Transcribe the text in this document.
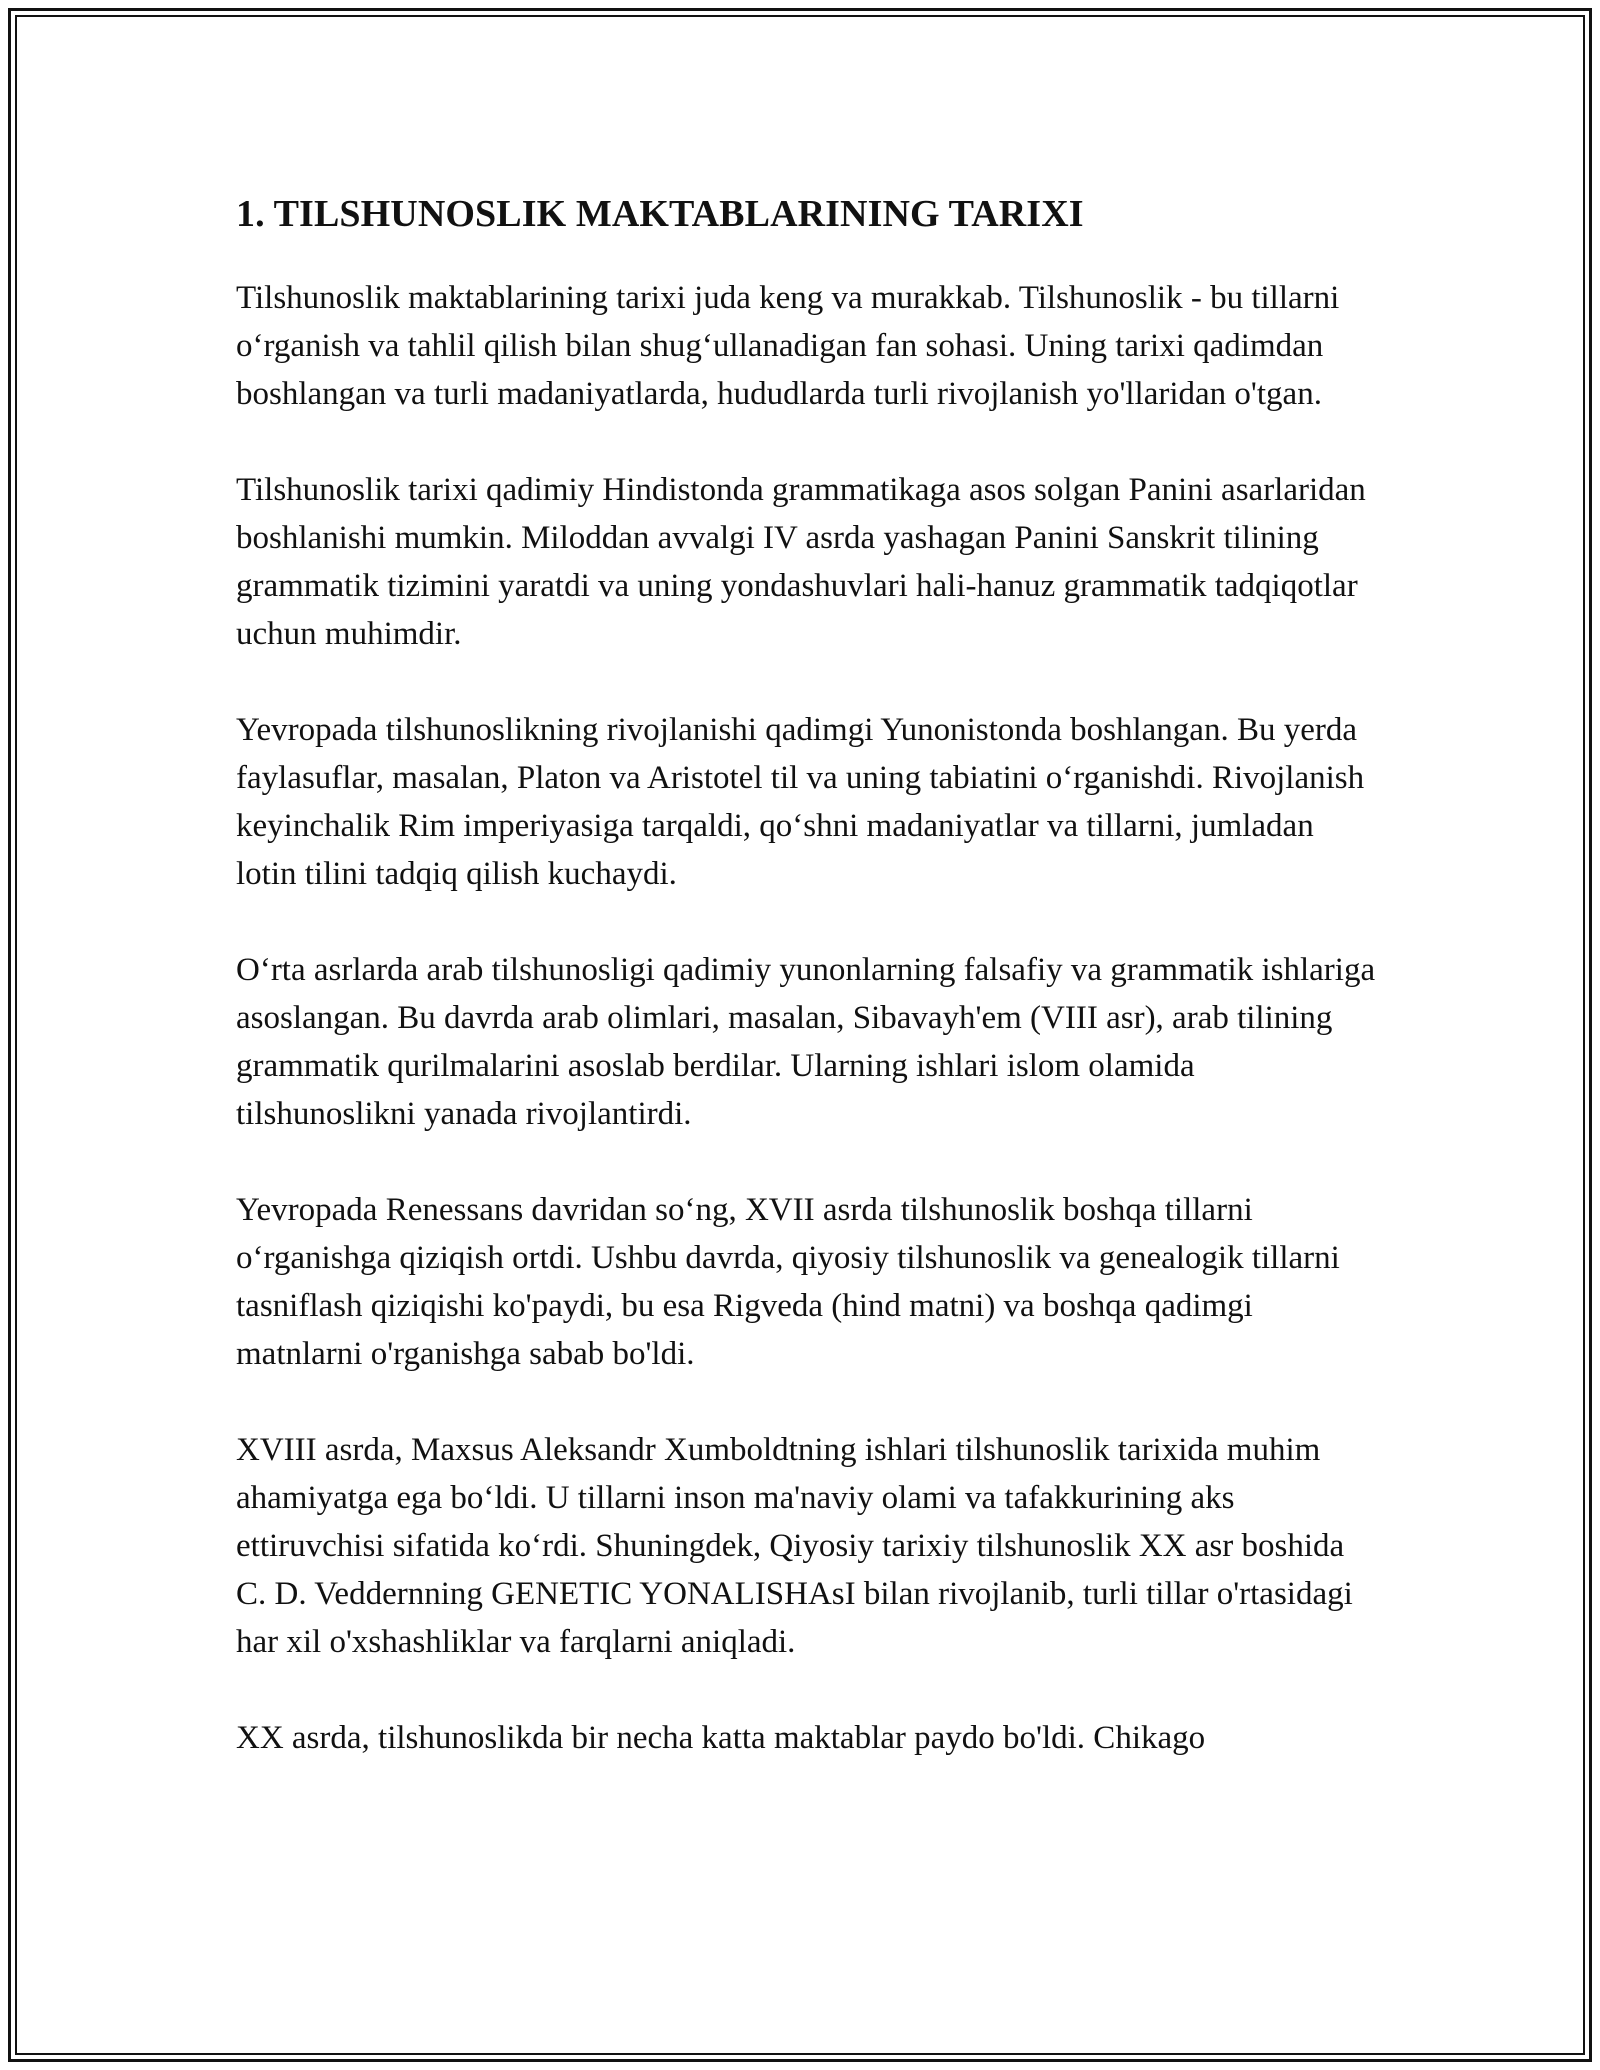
1. TILSHUNOSLIK MAKTABLARINING TARIXI

Tilshunoslik maktablarining tarixi juda keng va murakkab. Tilshunoslik - bu tillarni o‘rganish va tahlil qilish bilan shug‘ullanadigan fan sohasi. Uning tarixi qadimdan boshlangan va turli madaniyatlarda, hududlarda turli rivojlanish yo'llaridan o'tgan.

Tilshunoslik tarixi qadimiy Hindistonda grammatikaga asos solgan Panini asarlaridan boshlanishi mumkin. Miloddan avvalgi IV asrda yashagan Panini Sanskrit tilining grammatik tizimini yaratdi va uning yondashuvlari hali-hanuz grammatik tadqiqotlar uchun muhimdir.

Yevropada tilshunoslikning rivojlanishi qadimgi Yunonistonda boshlangan. Bu yerda faylasuflar, masalan, Platon va Aristotel til va uning tabiatini o‘rganishdi. Rivojlanish keyinchalik Rim imperiyasiga tarqaldi, qo‘shni madaniyatlar va tillarni, jumladan lotin tilini tadqiq qilish kuchaydi.

O‘rta asrlarda arab tilshunosligi qadimiy yunonlarning falsafiy va grammatik ishlariga asoslangan. Bu davrda arab olimlari, masalan, Sibavayh'em (VIII asr), arab tilining grammatik qurilmalarini asoslab berdilar. Ularning ishlari islom olamida tilshunoslikni yanada rivojlantirdi.

Yevropada Renessans davridan so‘ng, XVII asrda tilshunoslik boshqa tillarni o‘rganishga qiziqish ortdi. Ushbu davrda, qiyosiy tilshunoslik va genealogik tillarni tasniflash qiziqishi ko'paydi, bu esa Rigveda (hind matni) va boshqa qadimgi matnlarni o'rganishga sabab bo'ldi.

XVIII asrda, Maxsus Aleksandr Xumboldtning ishlari tilshunoslik tarixida muhim ahamiyatga ega bo‘ldi. U tillarni inson ma'naviy olami va tafakkurining aks ettiruvchisi sifatida ko‘rdi. Shuningdek, Qiyosiy tarixiy tilshunoslik XX asr boshida C. D. Veddernning GENETIC YONALISHAsI bilan rivojlanib, turli tillar o'rtasidagi har xil o'xshashliklar va farqlarni aniqladi.

XX asrda, tilshunoslikda bir necha katta maktablar paydo bo'ldi. Chikago
